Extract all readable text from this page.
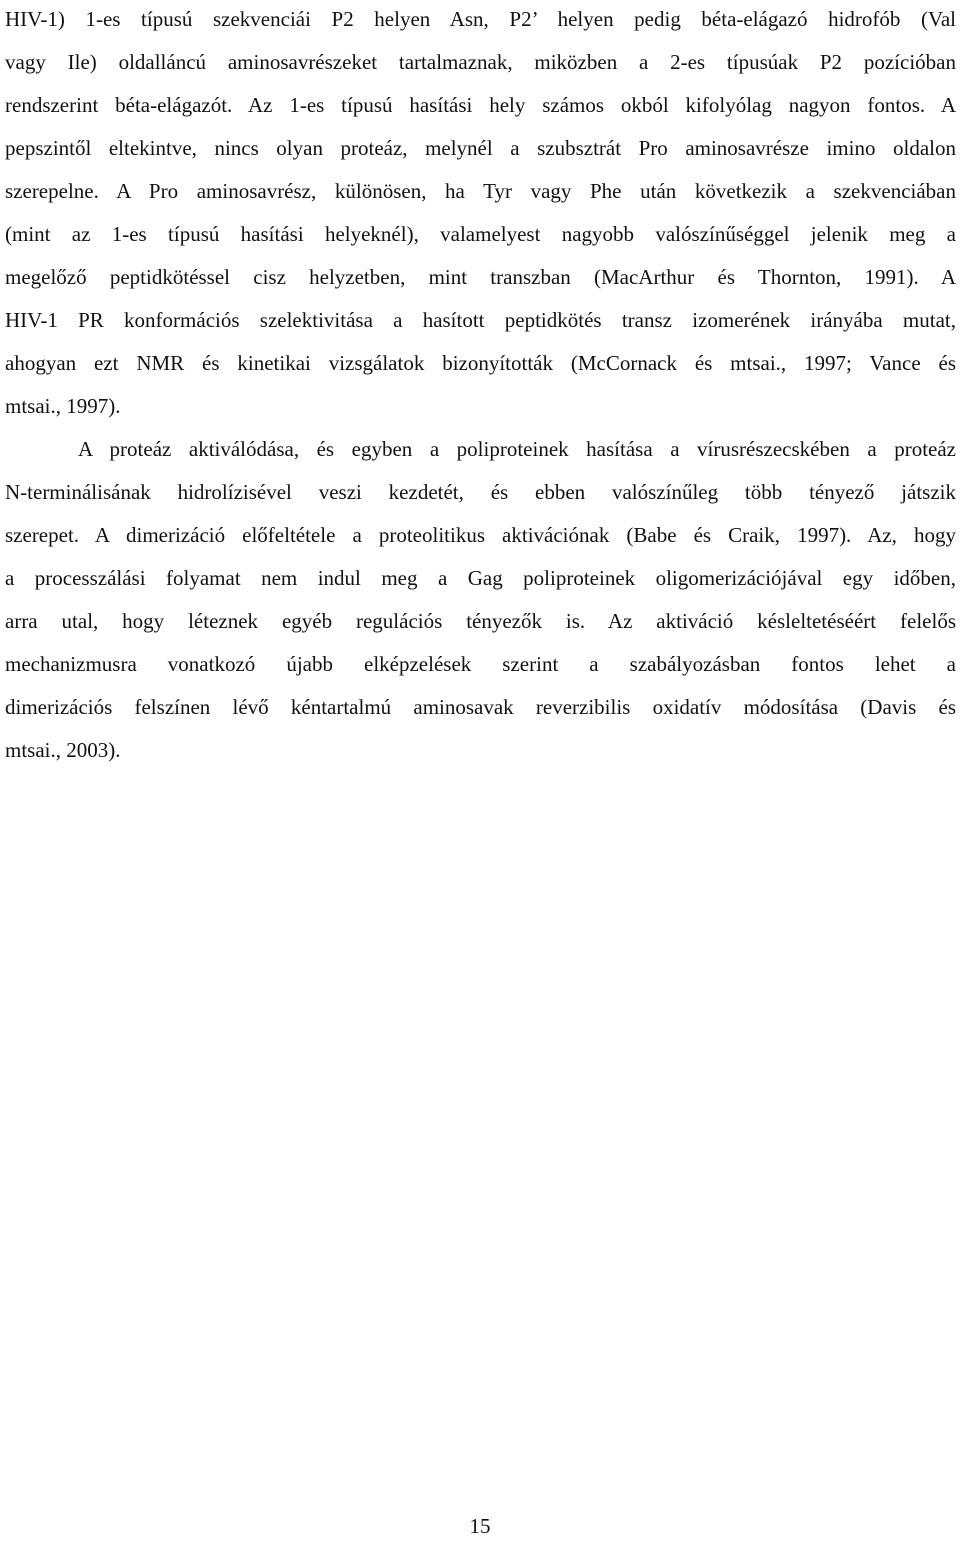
HIV-1) 1-es típusú szekvenciái P2 helyen Asn, P2’ helyen pedig béta-elágazó hidrofób (Val
vagy Ile) oldalláncú aminosavrészeket tartalmaznak, miközben a 2-es típusúak P2 pozícióban
rendszerint béta-elágazót. Az 1-es típusú hasítási hely számos okból kifolyólag nagyon fontos. A
pepszintől eltekintve, nincs olyan proteáz, melynél a szubsztrát Pro aminosavrésze imino oldalon
szerepelne. A Pro aminosavrész, különösen, ha Tyr vagy Phe után következik a szekvenciában
(mint az 1-es típusú hasítási helyeknél), valamelyest nagyobb valószínűséggel jelenik meg a
megelőző peptidkötéssel cisz helyzetben, mint transzban (MacArthur és Thornton, 1991). A
HIV-1 PR konformációs szelektivitása a hasított peptidkötés transz izomerének irányába mutat,
ahogyan ezt NMR és kinetikai vizsgálatok bizonyították (McCornack és mtsai., 1997; Vance és
mtsai., 1997).
A proteáz aktiválódása, és egyben a poliproteinek hasítása a vírusrészecskében a proteáz
N-terminálisának hidrolízisével veszi kezdetét, és ebben valószínűleg több tényező játszik
szerepet. A dimerizáció előfeltétele a proteolitikus aktivációnak (Babe és Craik, 1997). Az, hogy
a processzálási folyamat nem indul meg a Gag poliproteinek oligomerizációjával egy időben,
arra utal, hogy léteznek egyéb regulációs tényezők is. Az aktiváció késleltetéséért felelős
mechanizmusra vonatkozó újabb elképzelések szerint a szabályozásban fontos lehet a
dimerizációs felszínen lévő kéntartalmú aminosavak reverzibilis oxidatív módosítása (Davis és
mtsai., 2003).
15
